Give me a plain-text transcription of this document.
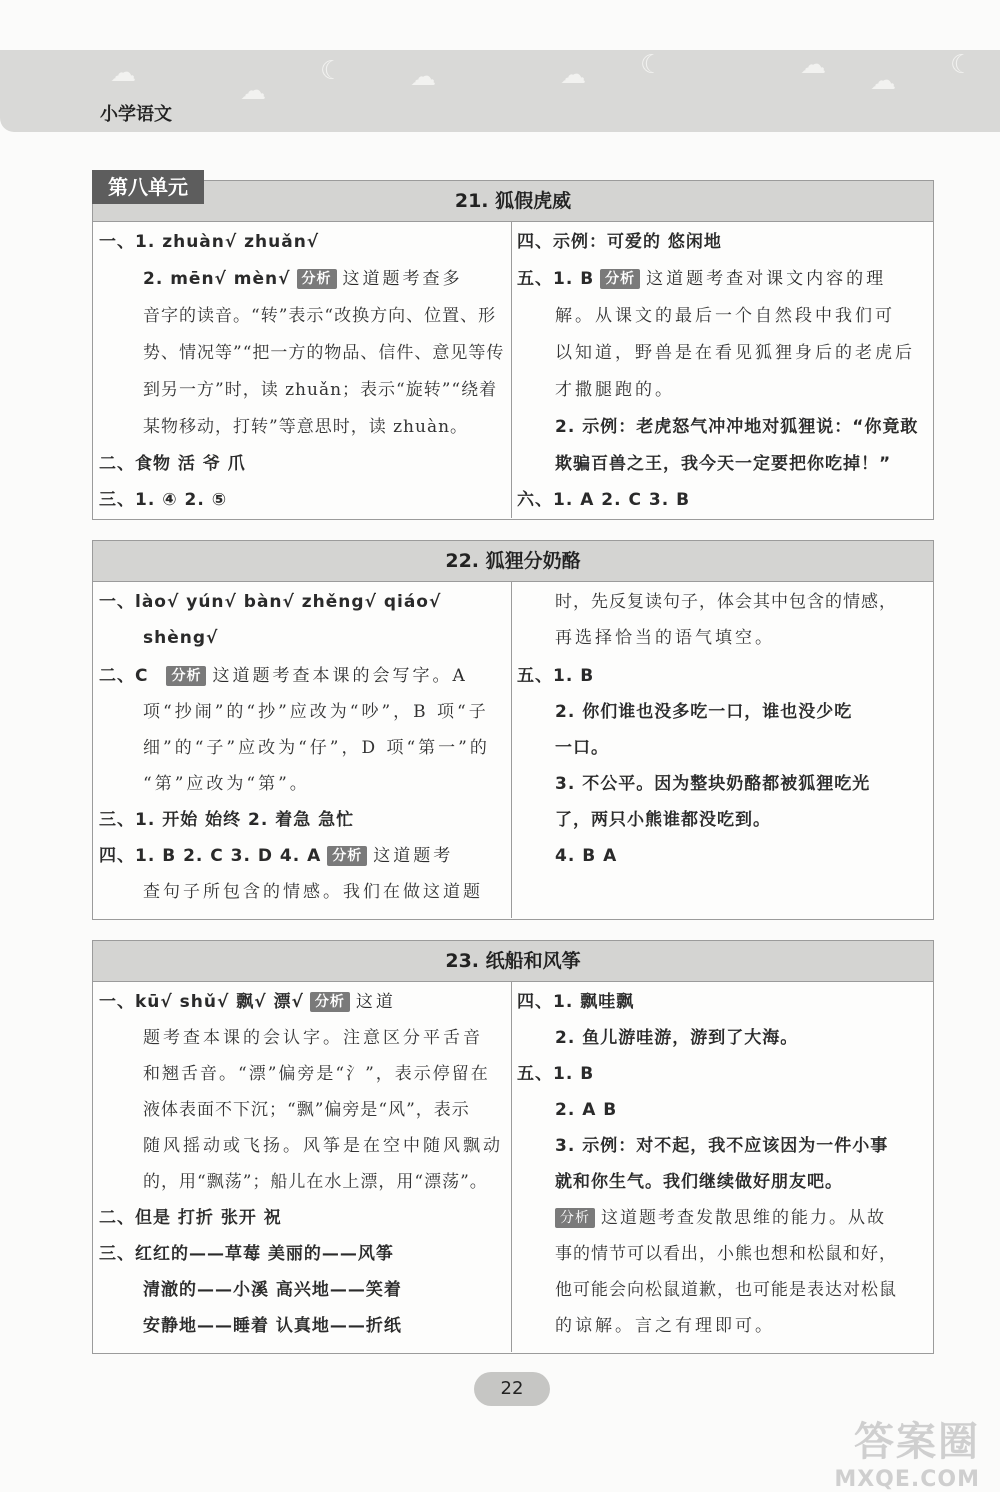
☁
☁
☾	☁	☁ ☾	☁
☁
☾
小学语文
第八单元
21. 狐假虎威
一、1. zhuàn√ zhuǎn√
2. mēn√ mèn√ 分析 这道题考查多
音字的读音。“转”表示“改换方向、位置、形
势、情况等”“把一方的物品、信件、意见等传
到另一方”时，读 zhuǎn；表示“旋转”“绕着
某物移动，打转”等意思时，读 zhuàn。
二、食物 活 爷 爪
三、1. ④ 2. ⑤
四、示例：可爱的 悠闲地
五、1. B 分析 这道题考查对课文内容的理
解。从课文的最后一个自然段中我们可
以知道，野兽是在看见狐狸身后的老虎后
才撒腿跑的。
2. 示例：老虎怒气冲冲地对狐狸说：“你竟敢
欺骗百兽之王，我今天一定要把你吃掉！”
六、1. A 2. C 3. B
22. 狐狸分奶酪
一、lào√ yún√ bàn√ zhěng√ qiáo√
shèng√
二、C 分析 这道题考查本课的会写字。A
项“抄闹”的“抄”应改为“吵”，B 项“子
细”的“子”应改为“仔”，D 项“第一”的
“第”应改为“第”。
三、1. 开始 始终 2. 着急 急忙
四、1. B 2. C 3. D 4. A 分析 这道题考
查句子所包含的情感。我们在做这道题
时，先反复读句子，体会其中包含的情感，
再选择恰当的语气填空。
五、1. B
2. 你们谁也没多吃一口，谁也没少吃
一口。
3. 不公平。因为整块奶酪都被狐狸吃光
了，两只小熊谁都没吃到。
4. B A
23. 纸船和风筝
一、kū√ shǔ√ 飘√ 漂√ 分析 这道
题考查本课的会认字。注意区分平舌音
和翘舌音。“漂”偏旁是“氵”，表示停留在
液体表面不下沉；“飘”偏旁是“风”，表示
随风摇动或飞扬。风筝是在空中随风飘动
的，用“飘荡”；船儿在水上漂，用“漂荡”。
二、但是 打折 张开 祝
三、红红的——草莓 美丽的——风筝
清澈的——小溪 高兴地——笑着
安静地——睡着 认真地——折纸
四、1. 飘哇飘
2. 鱼儿游哇游，游到了大海。
五、1. B
2. A B
3. 示例：对不起，我不应该因为一件小事
就和你生气。我们继续做好朋友吧。
分析 这道题考查发散思维的能力。从故
事的情节可以看出，小熊也想和松鼠和好，
他可能会向松鼠道歉，也可能是表达对松鼠
的谅解。言之有理即可。
22
答案圈
MXQE.COM
